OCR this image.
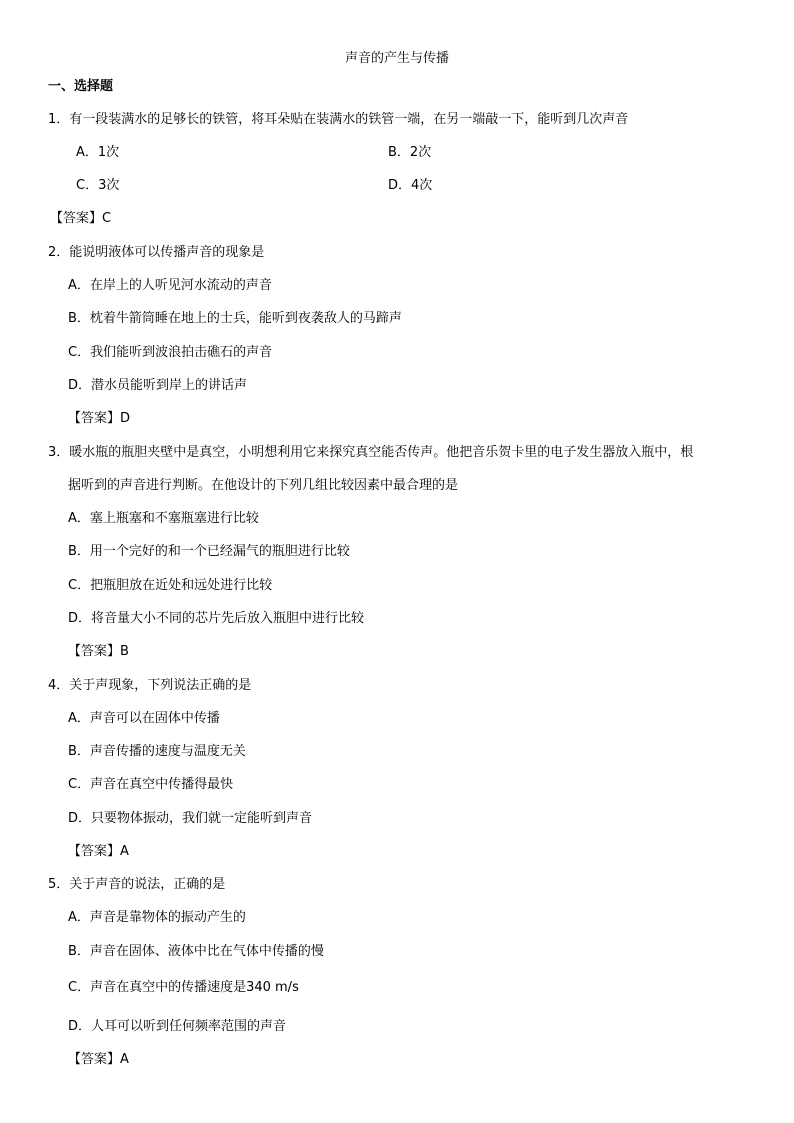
声音的产生与传播
一、选择题
1．有一段装满水的足够长的铁管，将耳朵贴在装满水的铁管一端，在另一端敲一下，能听到几次声音
A．1次	B．2次
C．3次	D．4次
【答案】C
2．能说明液体可以传播声音的现象是
A．在岸上的人听见河水流动的声音
B．枕着牛箭筒睡在地上的士兵，能听到夜袭敌人的马蹄声
C．我们能听到波浪拍击礁石的声音
D．潜水员能听到岸上的讲话声
【答案】D
3．暖水瓶的瓶胆夹壁中是真空，小明想利用它来探究真空能否传声。他把音乐贺卡里的电子发生器放入瓶中，根
据听到的声音进行判断。在他设计的下列几组比较因素中最合理的是
A．塞上瓶塞和不塞瓶塞进行比较
B．用一个完好的和一个已经漏气的瓶胆进行比较
C．把瓶胆放在近处和远处进行比较
D．将音量大小不同的芯片先后放入瓶胆中进行比较
【答案】B
4．关于声现象，下列说法正确的是
A．声音可以在固体中传播
B．声音传播的速度与温度无关
C．声音在真空中传播得最快
D．只要物体振动，我们就一定能听到声音
【答案】A
5．关于声音的说法，正确的是
A．声音是靠物体的振动产生的
B．声音在固体、液体中比在气体中传播的慢
C．声音在真空中的传播速度是340 m/s
D．人耳可以听到任何频率范围的声音
【答案】A
